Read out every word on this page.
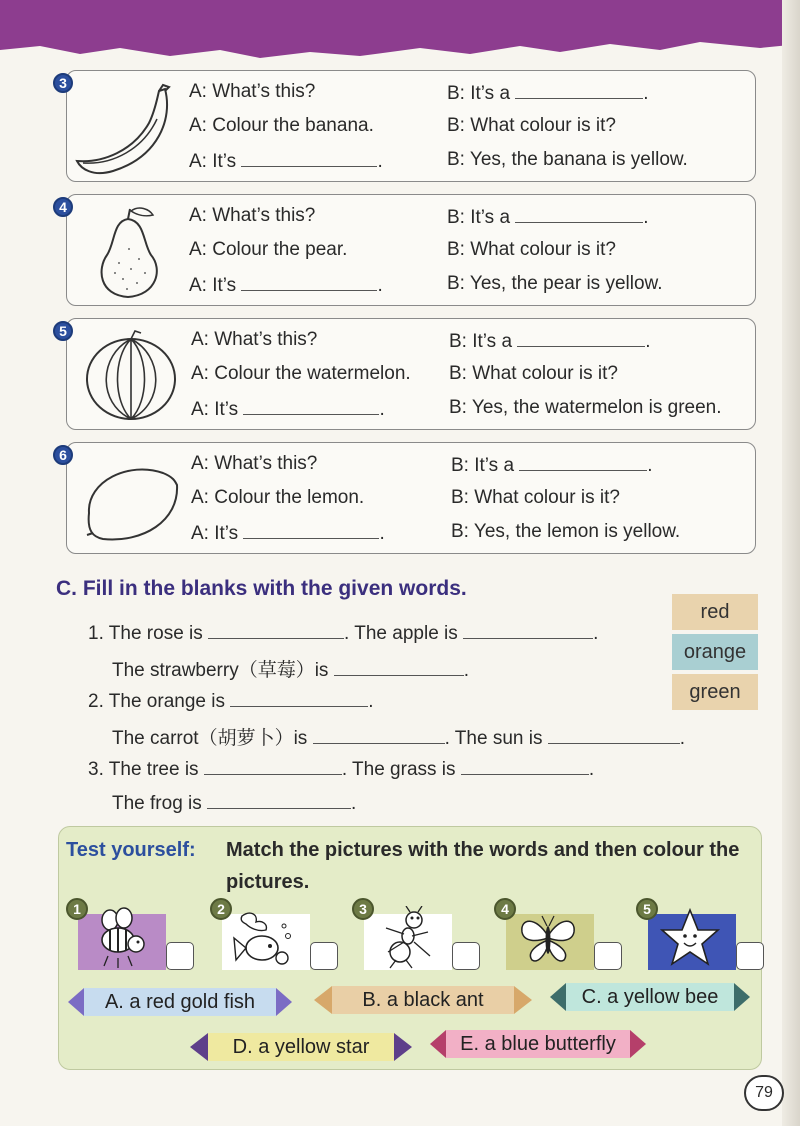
3	A: What’s this?	B: It’s a	.
A: Colour the banana.	B: What colour is it?
A: It’s	.	B: Yes, the banana is yellow.
4	A: What’s this?	B: It’s a	.
A: Colour the pear.	B: What colour is it?
A: It’s	.	B: Yes, the pear is yellow.
5	A: What’s this?	B: It’s a	.
A: Colour the watermelon. B: What colour is it?
A: It’s	.	B: Yes, the watermelon is green.
6	A: What’s this?	B: It’s a	.
A: Colour the lemon.	B: What colour is it?
A: It’s	.	B: Yes, the lemon is yellow.
C. Fill in the blanks with the given words.
1. The rose is	. The apple is	.
The strawberry（草莓）is	.
2. The orange is	.
The carrot（胡萝卜）is	. The sun is	.
3. The tree is	. The grass is	.
The frog is	.
red
orange
green
Test yourself: Match the pictures with the words and then colour the pictures.
1	2	3	4	5
A. a red gold fish	B. a black ant	C. a yellow bee
D. a yellow star	E. a blue butterfly
79
